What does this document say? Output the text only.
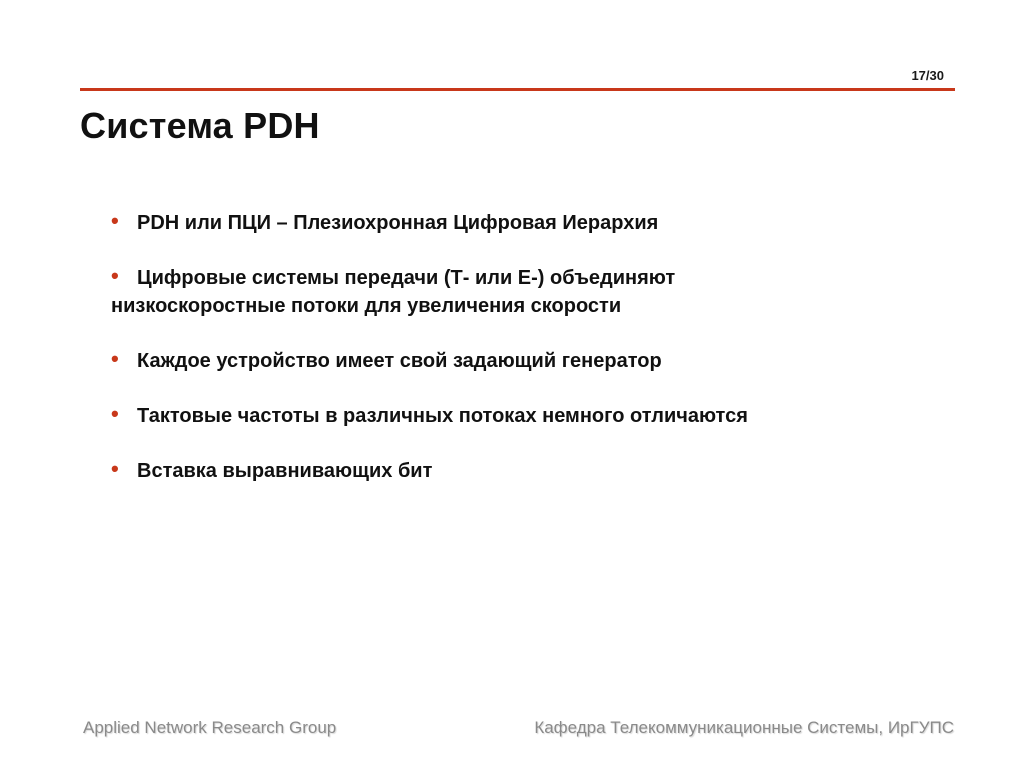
17/30
Система PDH
• PDH или ПЦИ – Плезиохронная Цифровая Иерархия
• Цифровые системы передачи (Т- или Е-) объединяют
низкоскоростные потоки для увеличения скорости
• Каждое устройство имеет свой задающий генератор
• Тактовые частоты в различных потоках немного отличаются
• Вставка выравнивающих бит
Applied Network Research Group	Кафедра Телекоммуникационные Системы, ИрГУПС
